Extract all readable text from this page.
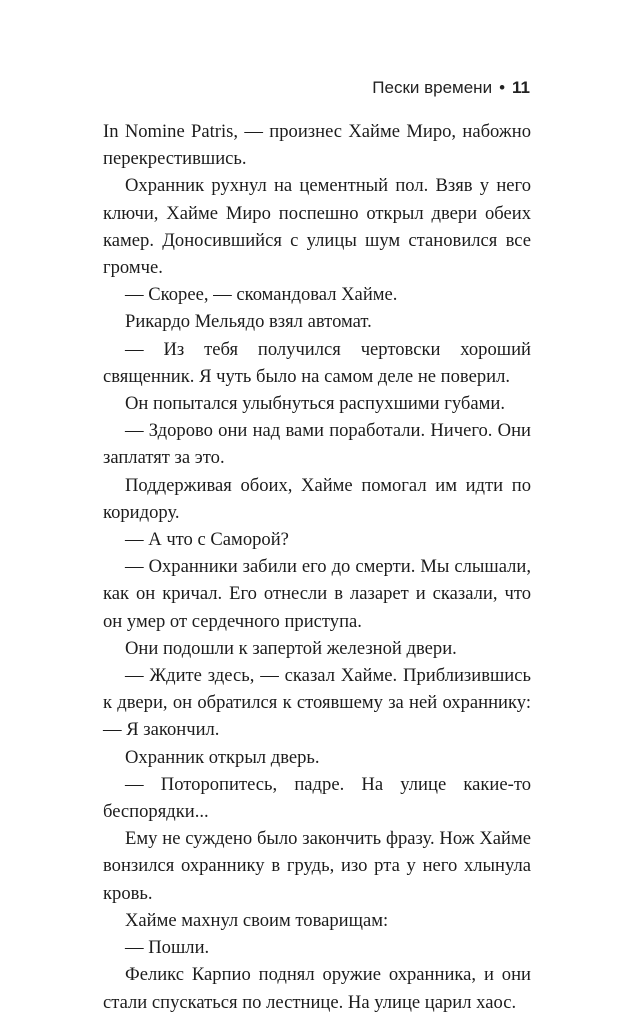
Пески времени • 11

In Nomine Patris, — произнес Хайме Миро, набожно перекрестившись.

Охранник рухнул на цементный пол. Взяв у него ключи, Хайме Миро поспешно открыл двери обеих камер. Доносившийся с улицы шум становился все громче.

— Скорее, — скомандовал Хайме.

Рикардо Мельядо взял автомат.

— Из тебя получился чертовски хороший священник. Я чуть было на самом деле не поверил.

Он попытался улыбнуться распухшими губами.

— Здорово они над вами поработали. Ничего. Они заплатят за это.

Поддерживая обоих, Хайме помогал им идти по коридору.

— А что с Саморой?

— Охранники забили его до смерти. Мы слышали, как он кричал. Его отнесли в лазарет и сказали, что он умер от сердечного приступа.

Они подошли к запертой железной двери.

— Ждите здесь, — сказал Хайме. Приблизившись к двери, он обратился к стоявшему за ней охраннику: — Я закончил.

Охранник открыл дверь.

— Поторопитесь, падре. На улице какие-то беспорядки...

Ему не суждено было закончить фразу. Нож Хайме вонзился охраннику в грудь, изо рта у него хлынула кровь.

Хайме махнул своим товарищам:

— Пошли.

Феликс Карпио поднял оружие охранника, и они стали спускаться по лестнице. На улице царил хаос.
